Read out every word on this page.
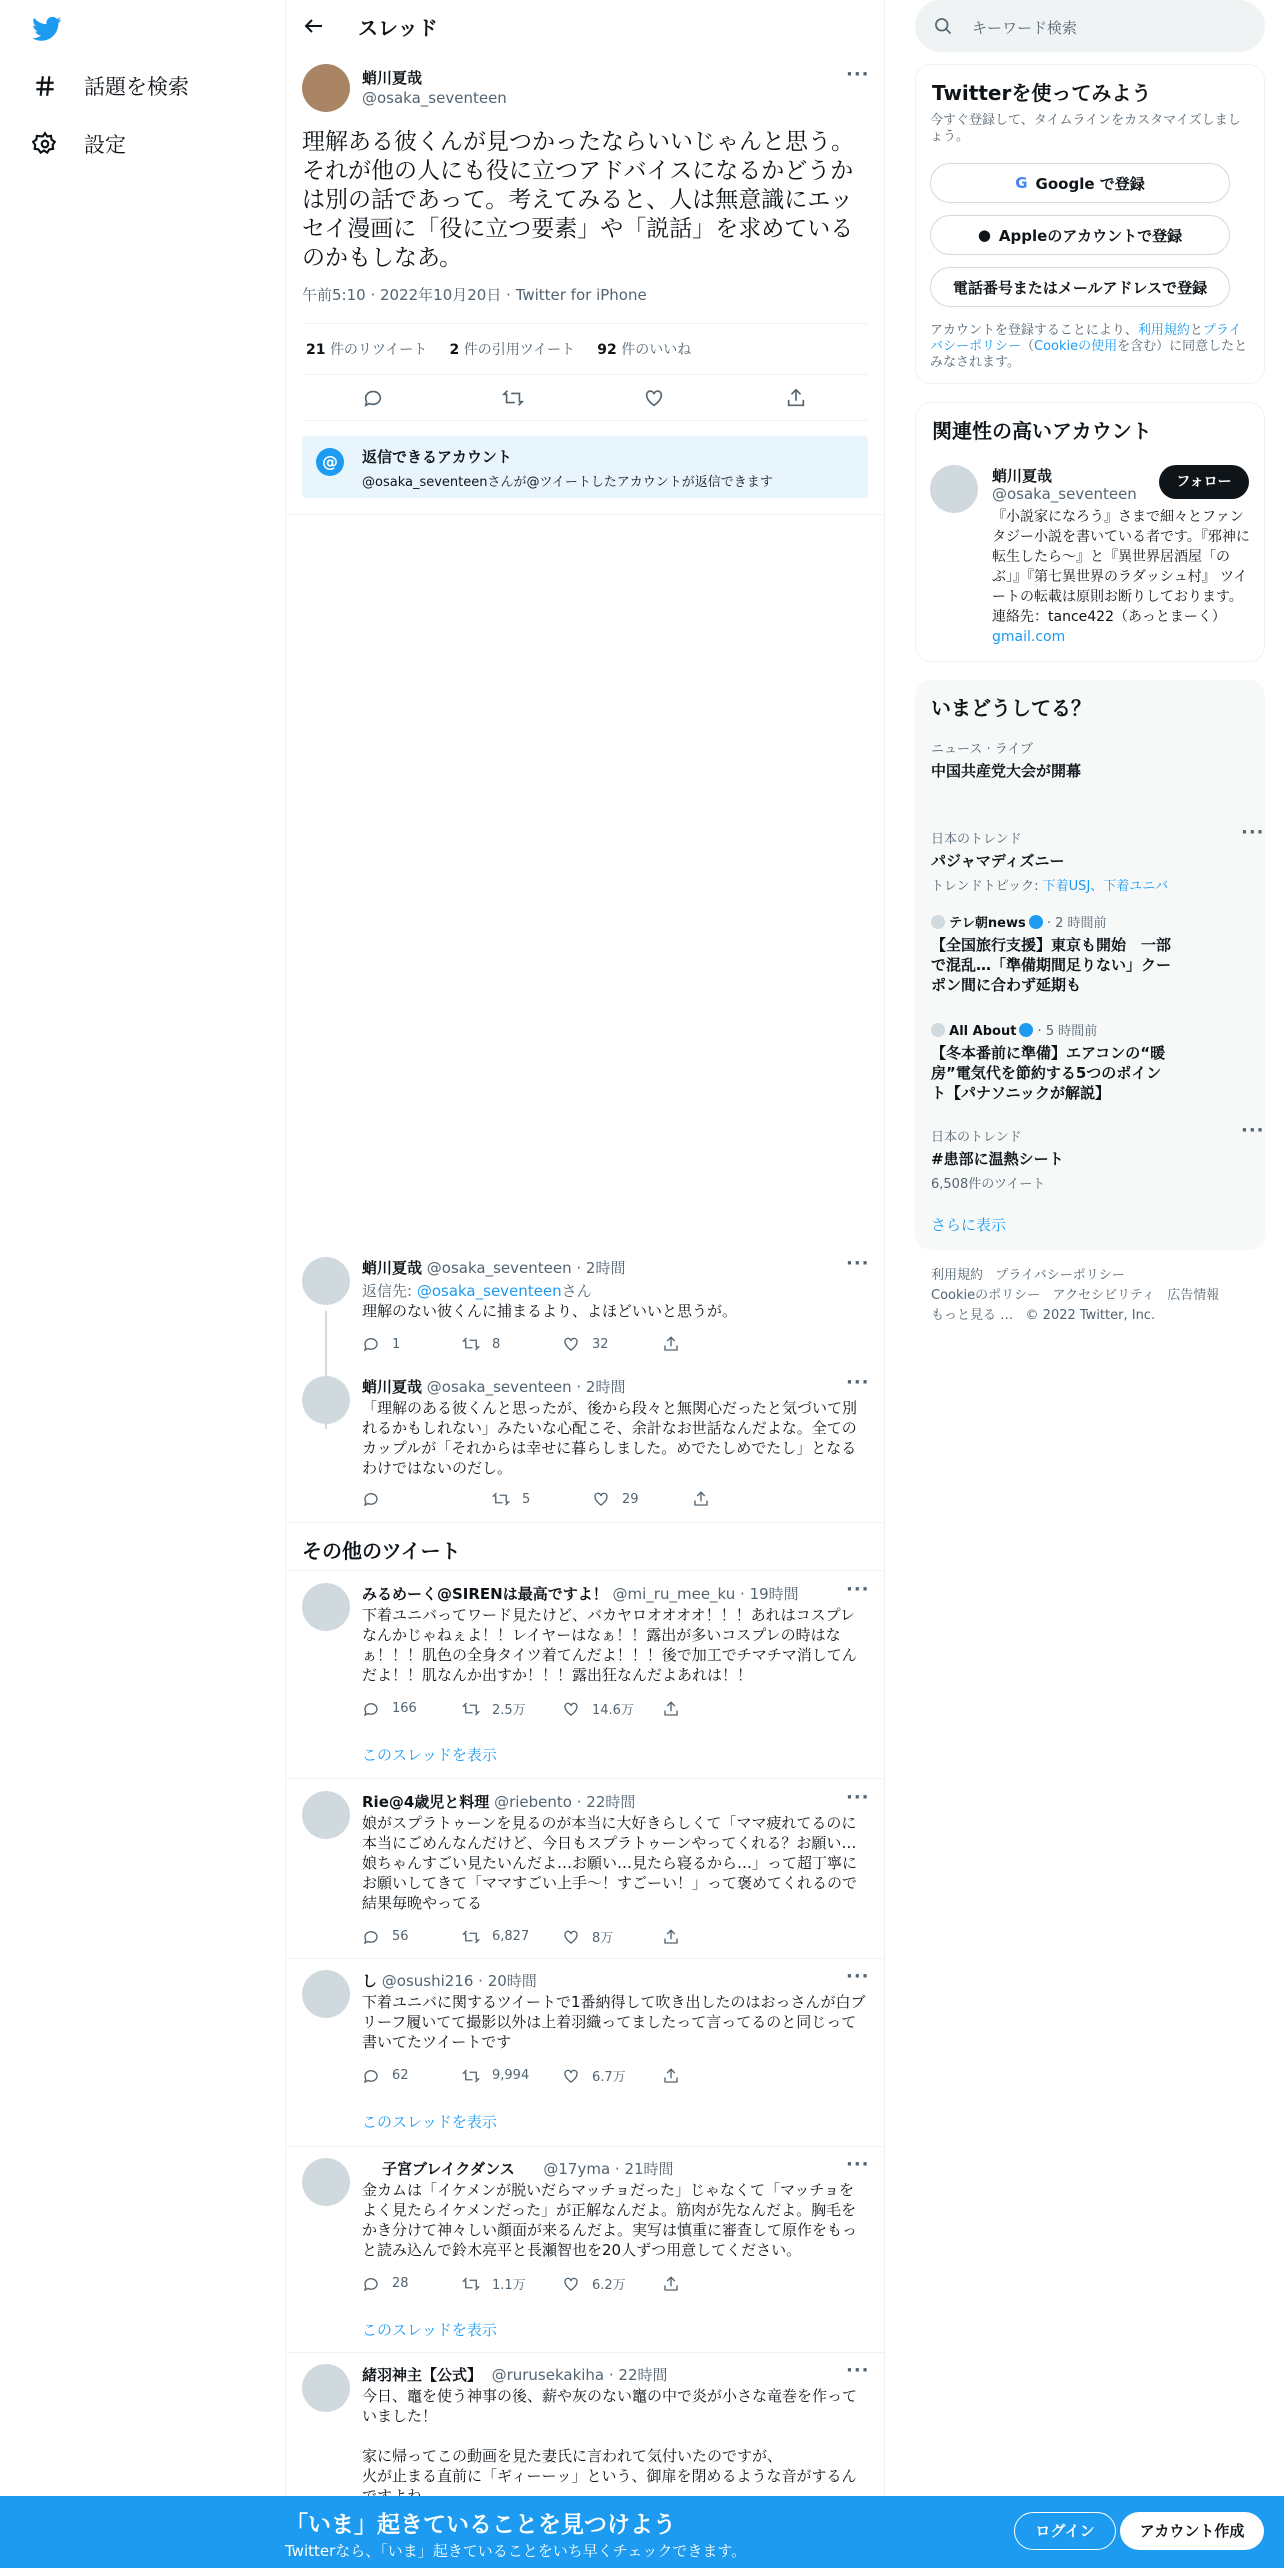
話題を検索
設定
スレッド
蛸川夏哉
@osaka_seventeen
···
理解ある彼くんが見つかったならいいじゃんと思う。それが他の人にも役に立つアドバイスになるかどうかは別の話であって。考えてみると、人は無意識にエッセイ漫画に「役に立つ要素」や「説話」を求めているのかもしなあ。
午前5:10 · 2022年10月20日 · Twitter for iPhone
21 件のリツイート 2 件の引用ツイート 92 件のいいね
@	返信できるアカウント
@osaka_seventeenさんが@ツイートしたアカウントが返信できます
蛸川夏哉 @osaka_seventeen · 2時間	···
返信先: @osaka_seventeenさん
理解のない彼くんに捕まるより、よほどいいと思うが。
1	8	32
蛸川夏哉 @osaka_seventeen · 2時間	···
「理解のある彼くんと思ったが、後から段々と無関心だったと気づいて別れるかもしれない」みたいな心配こそ、余計なお世話なんだよな。全てのカップルが「それからは幸せに暮らしました。めでたしめでたし」となるわけではないのだし。
5	29
その他のツイート
みるめーく@SIRENは最高ですよ！ @mi_ru_mee_ku · 19時間	···
下着ユニバってワード見たけど、バカヤロオオオオ！！！あれはコスプレなんかじゃねぇよ！！レイヤーはなぁ！！露出が多いコスプレの時はなぁ！！！肌色の全身タイツ着てんだよ！！！後で加工でチマチマ消してんだよ！！肌なんか出すか！！！露出狂なんだよあれは！！
166	2.5万	14.6万
このスレッドを表示
Rie@4歳児と料理 @riebento · 22時間	···
娘がスプラトゥーンを見るのが本当に大好きらしくて「ママ疲れてるのに本当にごめんなんだけど、今日もスプラトゥーンやってくれる？お願い…娘ちゃんすごい見たいんだよ…お願い…見たら寝るから…」って超丁寧にお願いしてきて「ママすごい上手〜！すごーい！」って褒めてくれるので結果毎晩やってる
56	6,827	8万
し @osushi216 · 20時間	···
下着ユニバに関するツイートで1番納得して吹き出したのはおっさんが白ブリーフ履いてて撮影以外は上着羽織ってましたって言ってるのと同じって書いてたツイートです
62	9,994	6.7万
このスレッドを表示
子宮ブレイクダンス @17yma · 21時間	···
金カムは「イケメンが脱いだらマッチョだった」じゃなくて「マッチョをよく見たらイケメンだった」が正解なんだよ。筋肉が先なんだよ。胸毛をかき分けて神々しい顔面が来るんだよ。実写は慎重に審査して原作をもっと読み込んで鈴木亮平と長瀬智也を20人ずつ用意してください。
28	1.1万	6.2万
このスレッドを表示
緒羽神主【公式】 @rurusekakiha · 22時間	···
今日、竈を使う神事の後、薪や灰のない竈の中で炎が小さな竜巻を作っていました！

家に帰ってこの動画を見た妻氏に言われて気付いたのですが、
火が止まる直前に「ギィーーッ」という、御扉を閉めるような音がするん
キーワード検索
Twitterを使ってみよう
今すぐ登録して、タイムラインをカスタマイズしましょう。
G Google で登録
● Appleのアカウントで登録
電話番号またはメールアドレスで登録
アカウントを登録することにより、利用規約とプライバシーポリシー（Cookieの使用を含む）に同意したとみなされます。
関連性の高いアカウント
蛸川夏哉
@osaka_seventeen
フォロー
『小説家になろう』さまで細々とファンタジー小説を書いている者です。『邪神に転生したら～』と『異世界居酒屋「のぶ」』『第七異世界のラダッシュ村』 ツイートの転載は原則お断りしております。 連絡先：tance422（あっとまーく） gmail.com
いまどうしてる？
ニュース · ライブ
中国共産党大会が開幕
日本のトレンド
パジャマディズニー
トレンドトピック: 下着USJ、下着ユニバ
···
テレ朝news · 2 時間前
【全国旅行支援】東京も開始　一部で混乱…「準備期間足りない」クーポン間に合わず延期も
All About · 5 時間前
【冬本番前に準備】エアコンの“暖房”電気代を節約する5つのポイント【パナソニックが解説】
日本のトレンド
#患部に温熱シート
6,508件のツイート
···
さらに表示
利用規約 プライバシーポリシー
Cookieのポリシー アクセシビリティ 広告情報
もっと見る … © 2022 Twitter, Inc.
「いま」起きていることを見つけよう
Twitterなら、「いま」起きていることをいち早くチェックできます。
ログイン	アカウント作成
